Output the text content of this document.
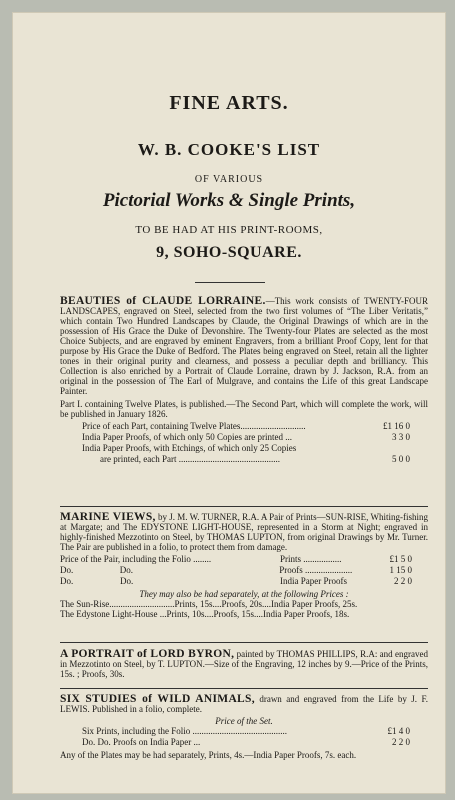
FINE ARTS.
W. B. COOKE'S LIST
OF VARIOUS
Pictorial Works & Single Prints,
TO BE HAD AT HIS PRINT-ROOMS,
9, SOHO-SQUARE.
BEAUTIES of CLAUDE LORRAINE.—This work consists of TWENTY-FOUR LANDSCAPES, engraved on Steel, selected from the two first volumes of “The Liber Veritatis,” which contain Two Hundred Landscapes by Claude, the Original Drawings of which are in the possession of His Grace the Duke of Devonshire. The Twenty-four Plates are selected as the most Choice Subjects, and are engraved by eminent Engravers, from a brilliant Proof Copy, lent for that purpose by His Grace the Duke of Bedford. The Plates being engraved on Steel, retain all the lighter tones in their original purity and clearness, and possess a peculiar depth and brilliancy. This Collection is also enriched by a Portrait of Claude Lorraine, drawn by J. Jackson, R.A. from an original in the possession of The Earl of Mulgrave, and contains the Life of this great Landscape Painter.
Part I. containing Twelve Plates, is published.—The Second Part, which will complete the work, will be published in January 1826.
Price of each Part, containing Twelve Plates.............................	£1 16 0
India Paper Proofs, of which only 50 Copies are printed ...	3 3 0
India Paper Proofs, with Etchings, of which only 25 Copies
are printed, each Part .............................................	5 0 0
MARINE VIEWS, by J. M. W. TURNER, R.A. A Pair of Prints—SUN-RISE, Whiting-fishing at Margate; and The EDYSTONE LIGHT-HOUSE, represented in a Storm at Night; engraved in highly-finished Mezzotinto on Steel, by THOMAS LUPTON, from original Drawings by Mr. Turner. The Pair are published in a folio, to protect them from damage.
Price of the Pair, including the Folio ........	Prints .................	£1 5 0
Do.	Do.	Proofs .....................	1 15 0
Do.	Do.	India Paper Proofs	2 2 0
They may also be had separately, at the following Prices :
The Sun-Rise.............................Prints, 15s....Proofs, 20s....India Paper Proofs, 25s.
The Edystone Light-House ...Prints, 10s....Proofs, 15s....India Paper Proofs, 18s.
A PORTRAIT of LORD BYRON, painted by THOMAS PHILLIPS, R.A: and engraved in Mezzotinto on Steel, by T. LUPTON.—Size of the Engraving, 12 inches by 9.—Price of the Prints, 15s. ; Proofs, 30s.
SIX STUDIES of WILD ANIMALS, drawn and engraved from the Life by J. F. LEWIS. Published in a folio, complete.
Price of the Set.
Six Prints, including the Folio ..........................................	£1 4 0
Do. Do. Proofs on India Paper ...	2 2 0
Any of the Plates may be had separately, Prints, 4s.—India Paper Proofs, 7s. each.
